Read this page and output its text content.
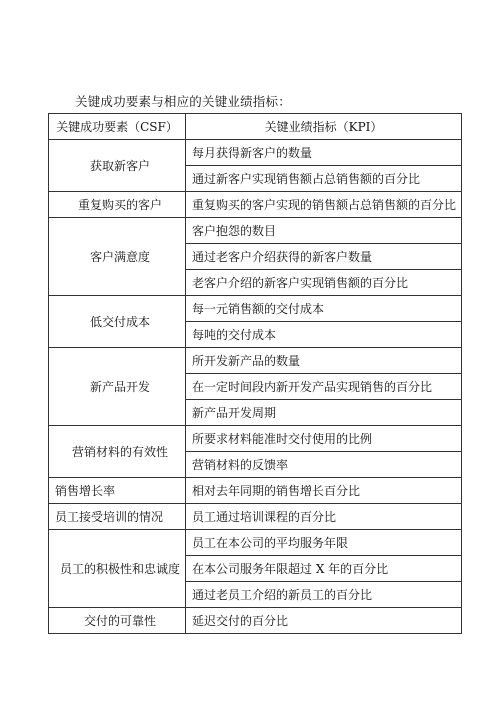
关键成功要素与相应的关键业绩指标：
关键成功要素（CSF）	关键业绩指标（KPI）
获取新客户	每月获得新客户的数量
	通过新客户实现销售额占总销售额的百分比
重复购买的客户	重复购买的客户实现的销售额占总销售额的百分比
客户满意度	客户抱怨的数目
	通过老客户介绍获得的新客户数量
	老客户介绍的新客户实现销售额的百分比
低交付成本	每一元销售额的交付成本
	每吨的交付成本
新产品开发	所开发新产品的数量
	在一定时间段内新开发产品实现销售的百分比
	新产品开发周期
营销材料的有效性	所要求材料能准时交付使用的比例
	营销材料的反馈率
销售增长率	相对去年同期的销售增长百分比
员工接受培训的情况	员工通过培训课程的百分比
员工的积极性和忠诚度	员工在本公司的平均服务年限
	在本公司服务年限超过 X 年的百分比
	通过老员工介绍的新员工的百分比
交付的可靠性	延迟交付的百分比
